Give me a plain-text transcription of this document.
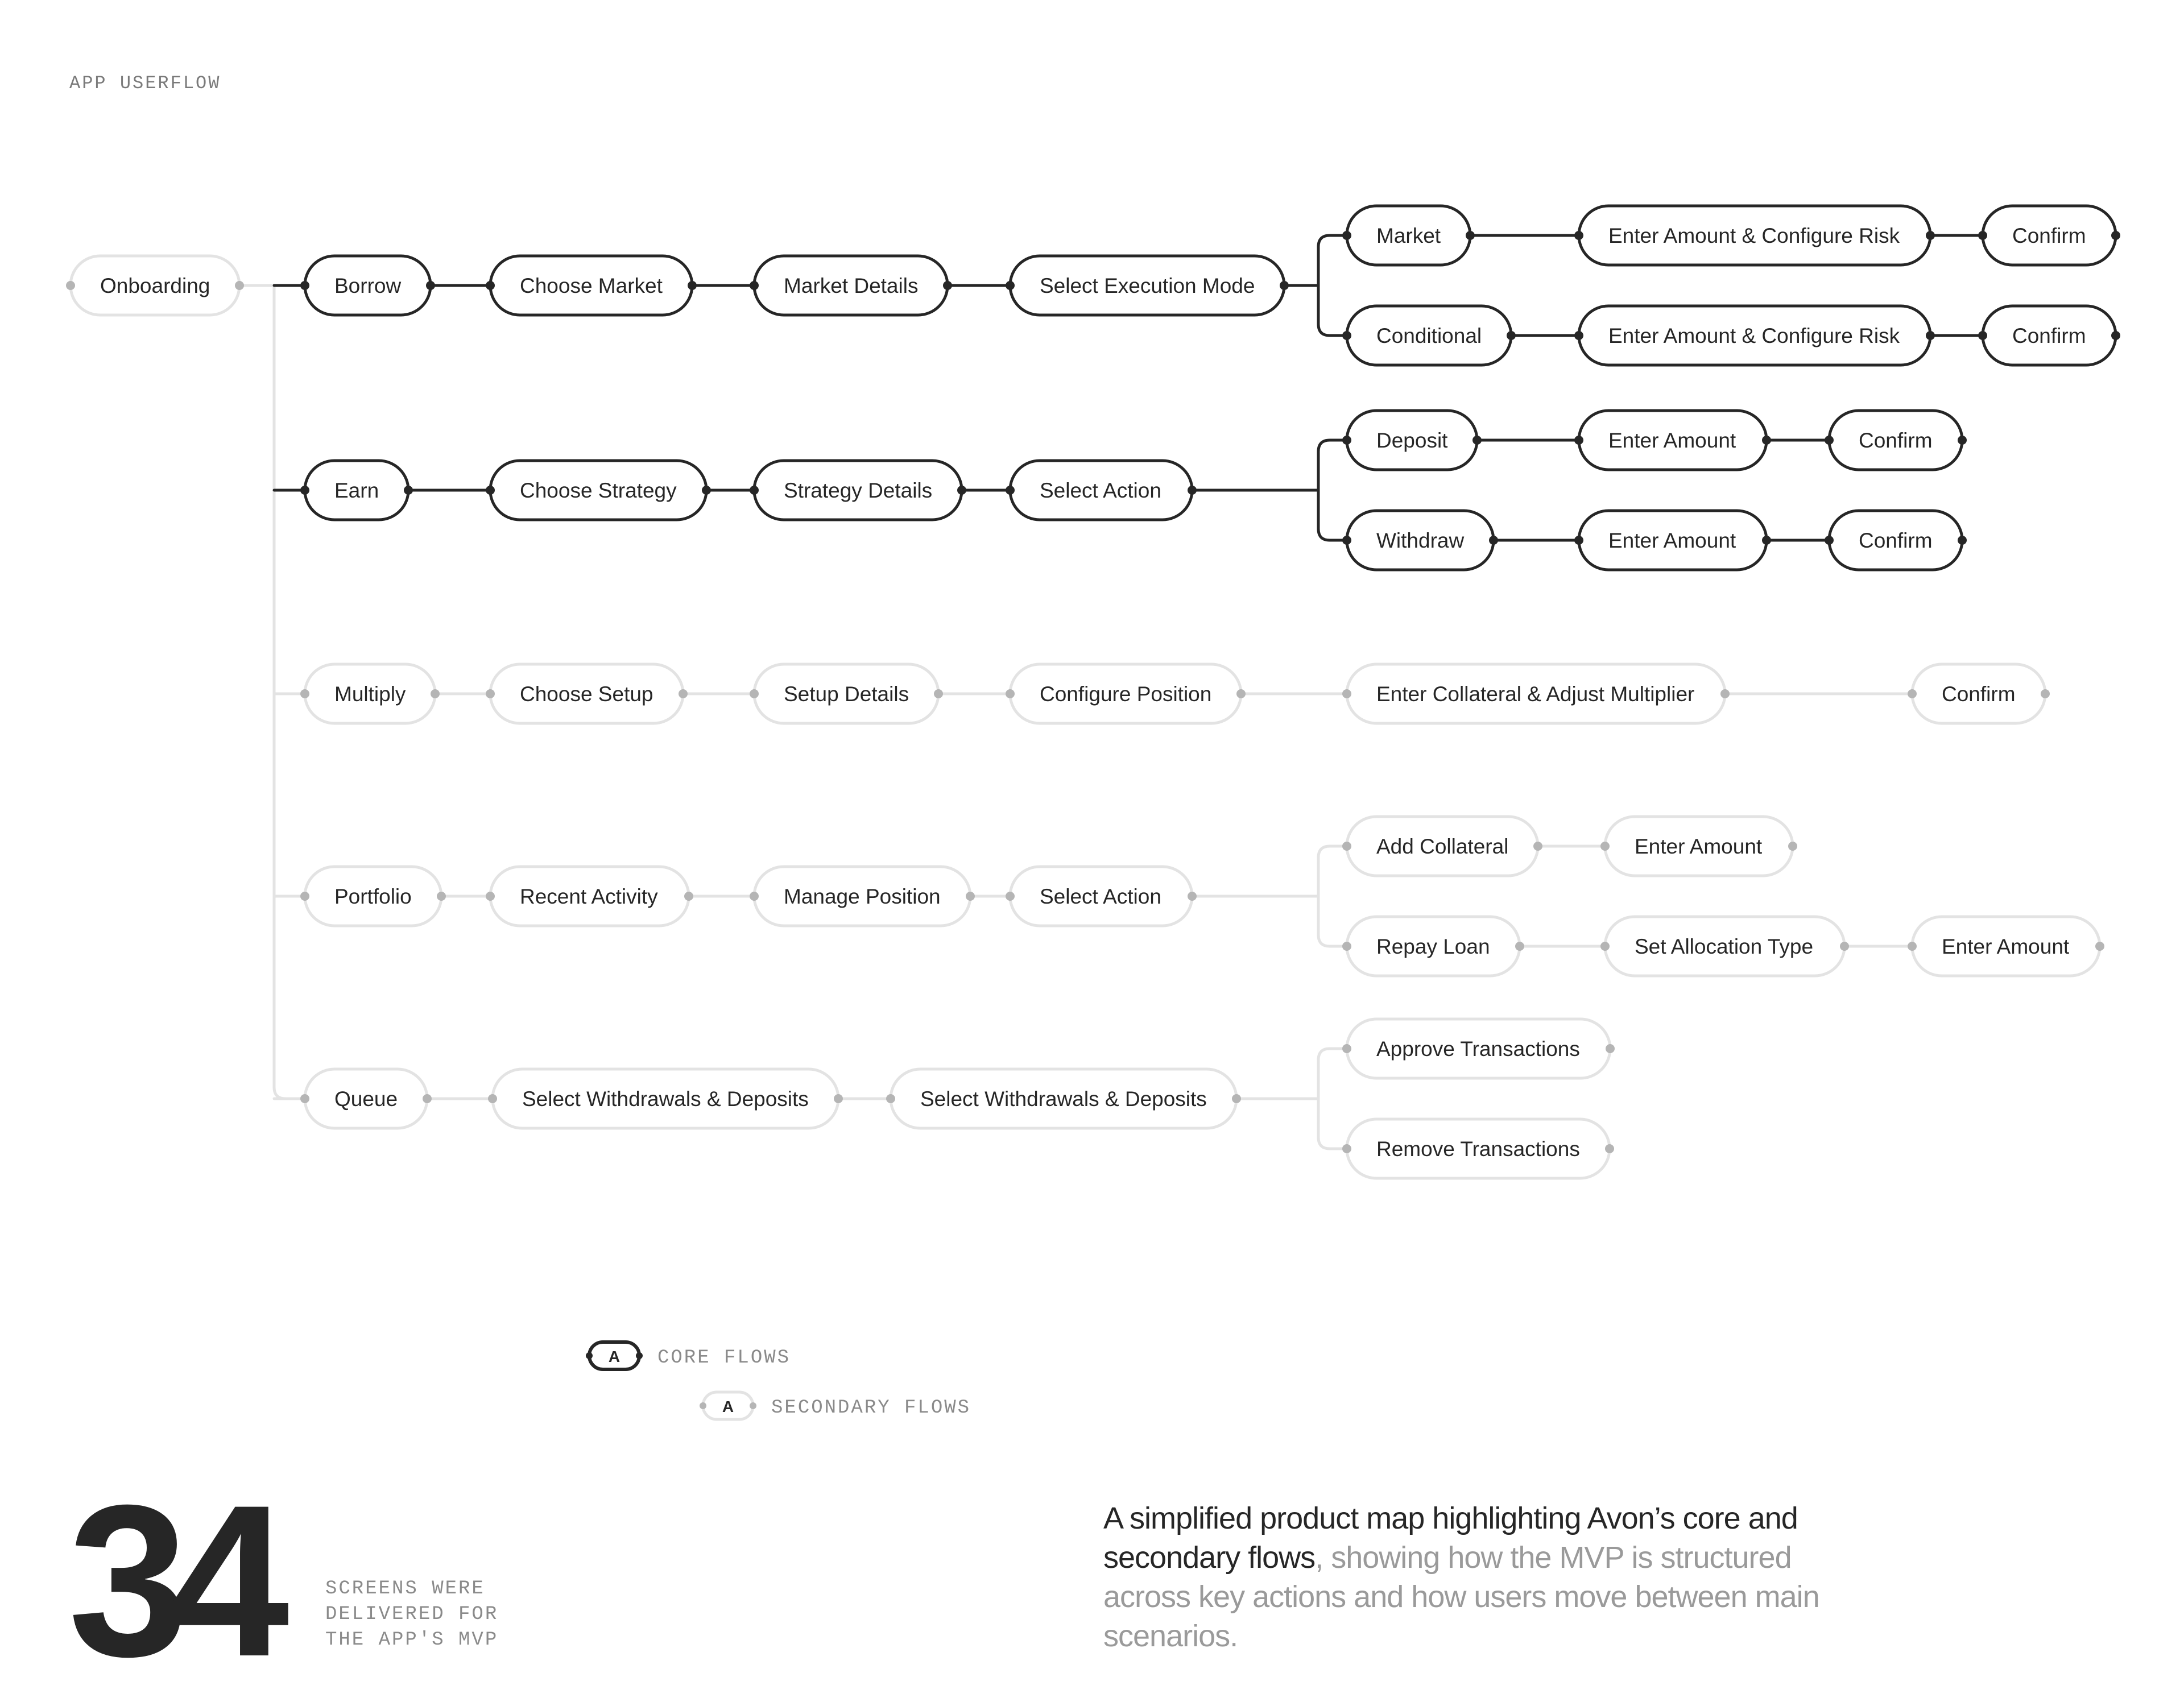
APP USERFLOW
Onboarding	Borrow	Choose Market	Market Details	Select Execution Mode
Market	Enter Amount & Configure Risk	Confirm
Conditional	Enter Amount & Configure Risk	Confirm
Earn	Choose Strategy	Strategy Details	Select Action
Deposit	Enter Amount	Confirm
Withdraw	Enter Amount	Confirm
Multiply	Choose Setup	Setup Details	Configure Position	Enter Collateral & Adjust Multiplier	Confirm
Portfolio	Recent Activity	Manage Position	Select Action
Add Collateral	Enter Amount
Repay Loan	Set Allocation Type	Enter Amount
Queue	Select Withdrawals & Deposits	Select Withdrawals & Deposits
Approve Transactions
Remove Transactions
A CORE FLOWS
A SECONDARY FLOWS
34	SCREENS WERE DELIVERED FOR THE APP'S MVP
A simplified product map highlighting Avon’s core and secondary flows, showing how the MVP is structured across key actions and how users move between main scenarios.
